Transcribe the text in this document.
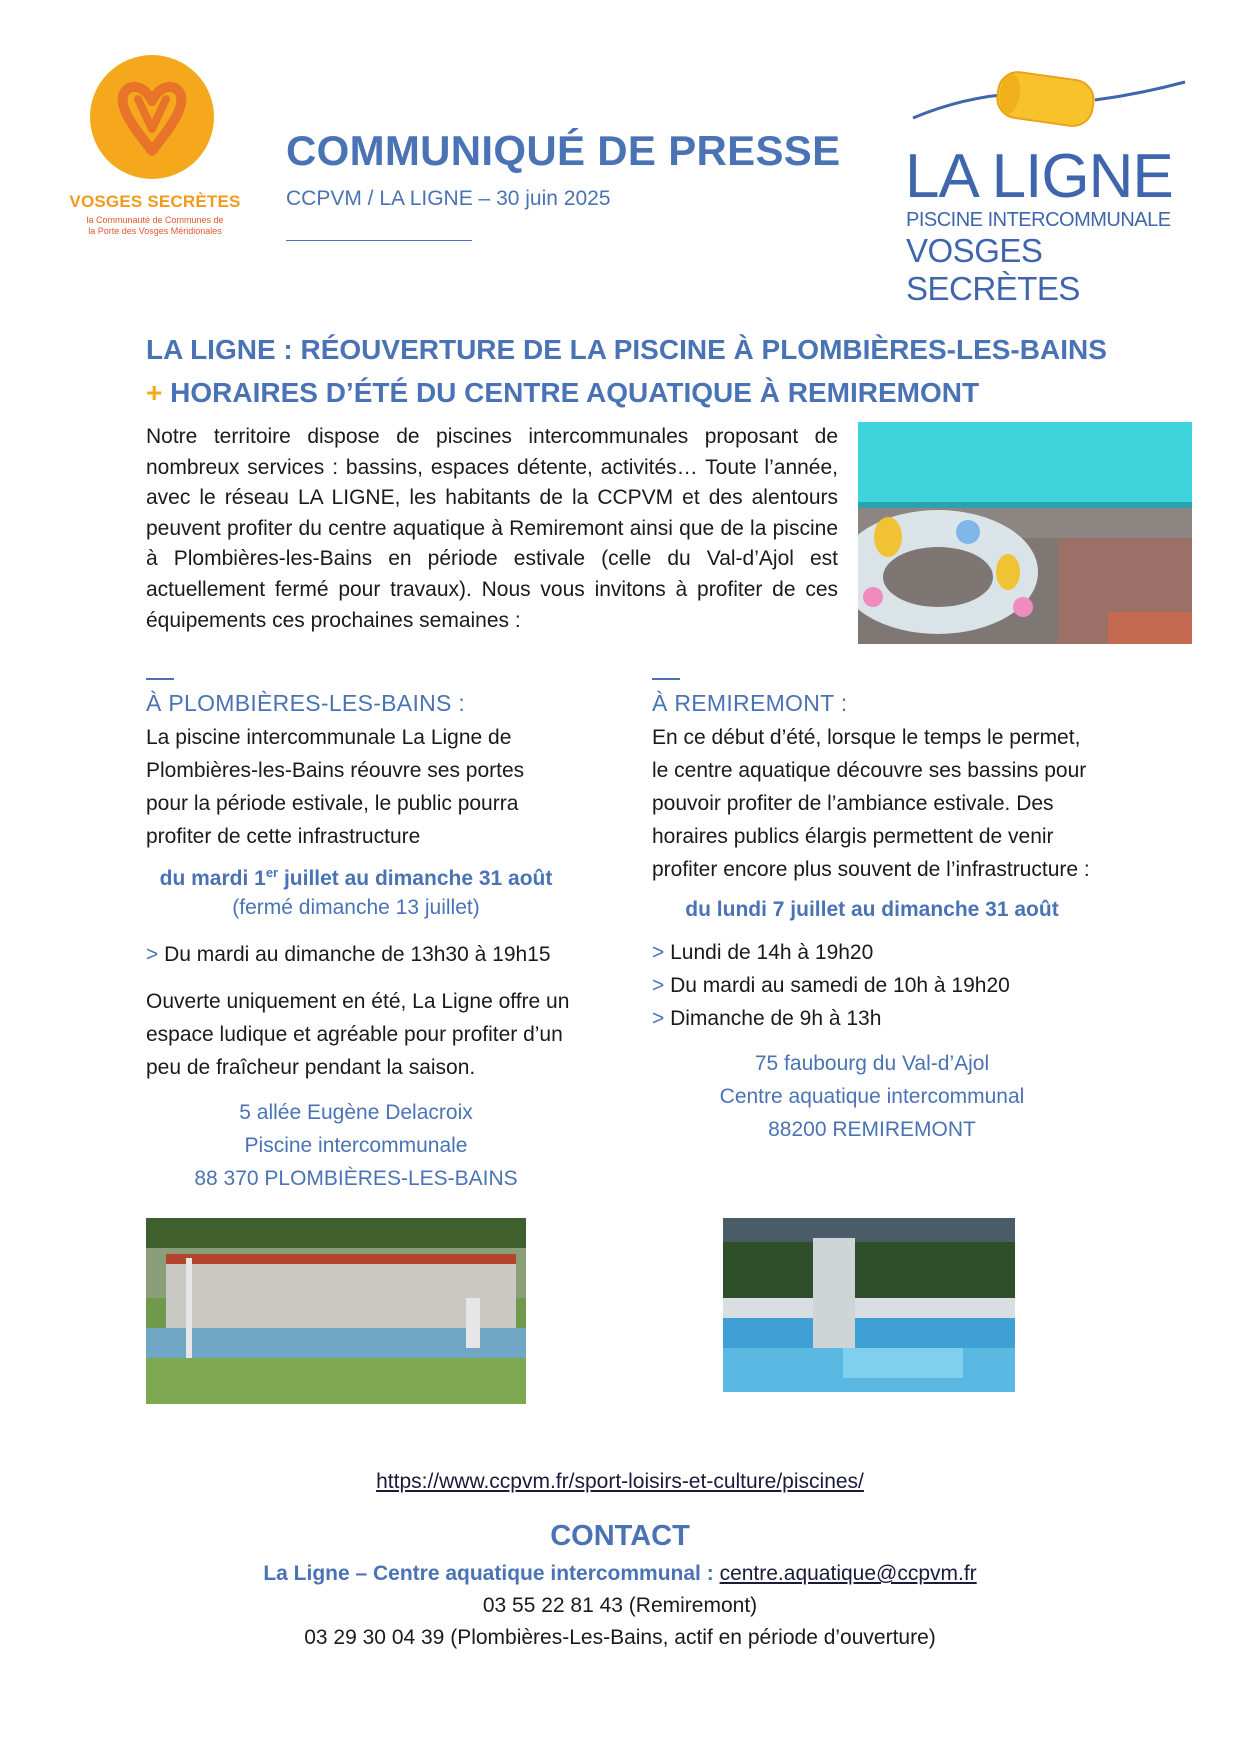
VOSGES SECRÈTES
la Communauté de Communes de
la Porte des Vosges Méridionales
COMMUNIQUÉ DE PRESSE
CCPVM / LA LIGNE – 30 juin 2025	LA LIGNE
PISCINE INTERCOMMUNALE
VOSGES SECRÈTES
LA LIGNE : RÉOUVERTURE DE LA PISCINE À PLOMBIÈRES-LES-BAINS
+ HORAIRES D’ÉTÉ DU CENTRE AQUATIQUE À REMIREMONT
Notre territoire dispose de piscines intercommunales proposant de nombreux services : bassins, espaces détente, activités… Toute l’année, avec le réseau LA LIGNE, les habitants de la CCPVM et des alentours peuvent profiter du centre aquatique à Remiremont ainsi que de la piscine à Plombières-les-Bains en période estivale (celle du Val-d’Ajol est actuellement fermé pour travaux). Nous vous invitons à profiter de ces équipements ces prochaines semaines :
À PLOMBIÈRES-LES-BAINS :
La piscine intercommunale La Ligne de Plombières-les-Bains réouvre ses portes pour la période estivale, le public pourra profiter de cette infrastructure
du mardi 1er juillet au dimanche 31 août
(fermé dimanche 13 juillet)
> Du mardi au dimanche de 13h30 à 19h15
Ouverte uniquement en été, La Ligne offre un espace ludique et agréable pour profiter d’un peu de fraîcheur pendant la saison.
5 allée Eugène Delacroix
Piscine intercommunale
88 370 PLOMBIÈRES-LES-BAINS
À REMIREMONT :
En ce début d’été, lorsque le temps le permet, le centre aquatique découvre ses bassins pour pouvoir profiter de l’ambiance estivale. Des horaires publics élargis permettent de venir profiter encore plus souvent de l’infrastructure :
du lundi 7 juillet au dimanche 31 août
> Lundi de 14h à 19h20
> Du mardi au samedi de 10h à 19h20
> Dimanche de 9h à 13h
75 faubourg du Val-d’Ajol
Centre aquatique intercommunal
88200 REMIREMONT
https://www.ccpvm.fr/sport-loisirs-et-culture/piscines/
CONTACT
La Ligne – Centre aquatique intercommunal : centre.aquatique@ccpvm.fr
03 55 22 81 43 (Remiremont)
03 29 30 04 39 (Plombières-Les-Bains, actif en période d’ouverture)
